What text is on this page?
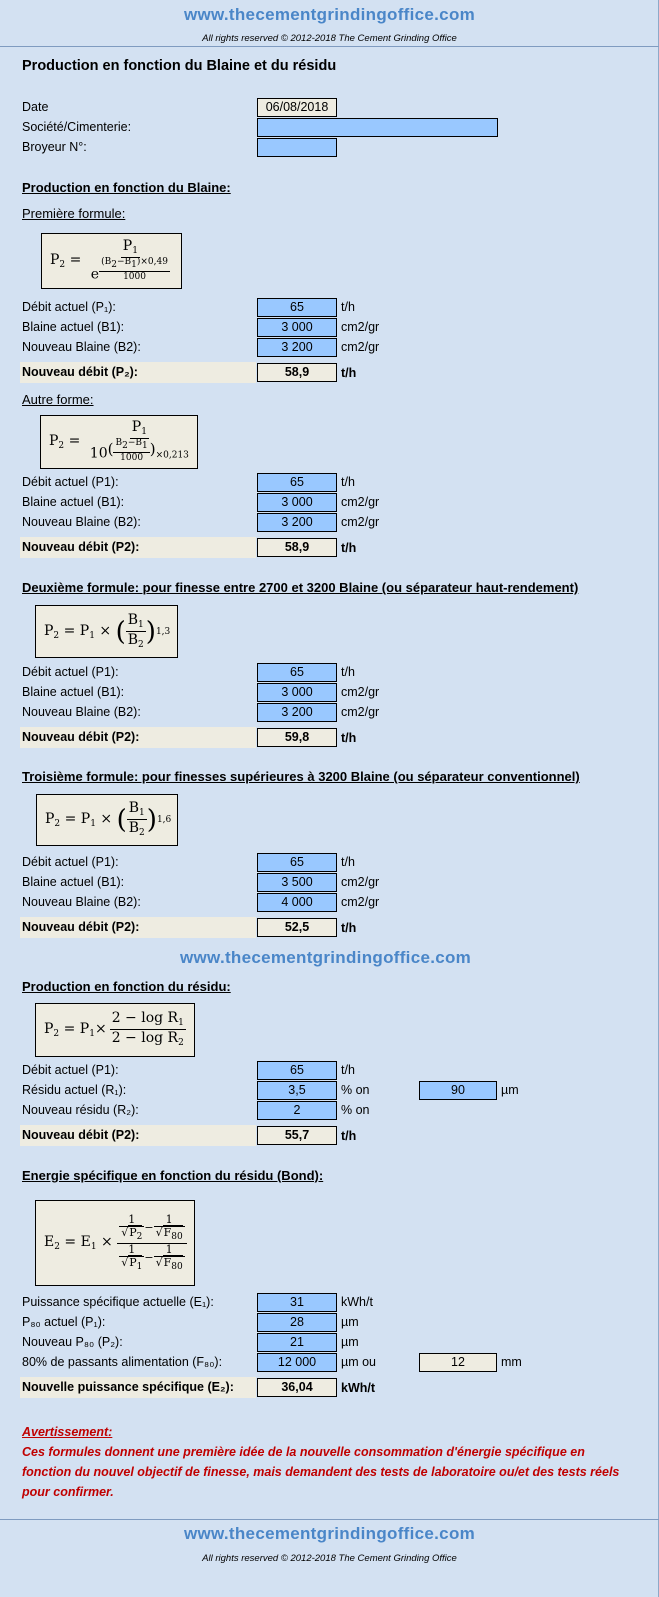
www.thecementgrindingoffice.com
All rights reserved © 2012-2018 The Cement Grinding Office
Production en fonction du Blaine et du résidu
Date	06/08/2018
Société/Cimenterie:
Broyeur N°:
Production en fonction du Blaine:
Première formule:
$P_2 = P_1$
e $^{\frac{(B_2-B_1)\times 0,49}{1000}}$
Débit actuel (P₁):	65	t/h
Blaine actuel (B1):	3 000	cm2/gr
Nouveau Blaine (B2):	3 200	cm2/gr
Nouveau débit (P₂):	58,9	t/h
Autre forme:
$P_2 = P_1$
$10^{( \frac{B_2-B_1}{1000} )}\times 0,213$
Débit actuel (P1):	65	t/h
Blaine actuel (B1):	3 000	cm2/gr
Nouveau Blaine (B2):	3 200	cm2/gr
Nouveau débit (P2):	58,9	t/h
Deuxième formule: pour finesse entre 2700 et 3200 Blaine (ou séparateur haut-rendement)
$P_2 = P_1$ × ( $\frac{B_1}{B_2}$ ) 1,3
Débit actuel (P1):	65	t/h
Blaine actuel (B1):	3 000	cm2/gr
Nouveau Blaine (B2):	3 200	cm2/gr
Nouveau débit (P2):	59,8	t/h
Troisième formule: pour finesses supérieures à 3200 Blaine (ou séparateur conventionnel)
$P_2 = P_1$ × ( $\frac{B_1}{B_2}$ ) 1,6
Débit actuel (P1):	65	t/h
Blaine actuel (B1):	3 500	cm2/gr
Nouveau Blaine (B2):	4 000	cm2/gr
Nouveau débit (P2):	52,5	t/h
www.thecementgrindingoffice.com
Production en fonction du résidu:
$P_2 = P_1\times \frac{2 - \log R_1}{2 - \log R_2}$
Débit actuel (P1):	65	t/h
Résidu actuel (R₁):	3,5	% on	90	µm
Nouveau résidu (R₂):	2	% on
Nouveau débit (P2):	55,7	t/h
Energie spécifique en fonction du résidu (Bond):
$E_2 = E_1 \times \frac{\frac{1}{√P_2} - \frac{1}{√F_{80}}}{\frac{1}{√P_1} - \frac{1}{√F_{80}}}$
Puissance spécifique actuelle (E₁):	31	kWh/t
P₈₀ actuel (P₁):	28	µm
Nouveau P₈₀ (P₂):	21	µm
80% de passants alimentation (F₈₀):	12 000	µm ou	12	mm
Nouvelle puissance spécifique (E₂):	36,04	kWh/t
Avertissement:
Ces formules donnent une première idée de la nouvelle consommation d'énergie spécifique en fonction du nouvel objectif de finesse, mais demandent des tests de laboratoire ou/et des tests réels pour confirmer.
www.thecementgrindingoffice.com
All rights reserved © 2012-2018 The Cement Grinding Office
